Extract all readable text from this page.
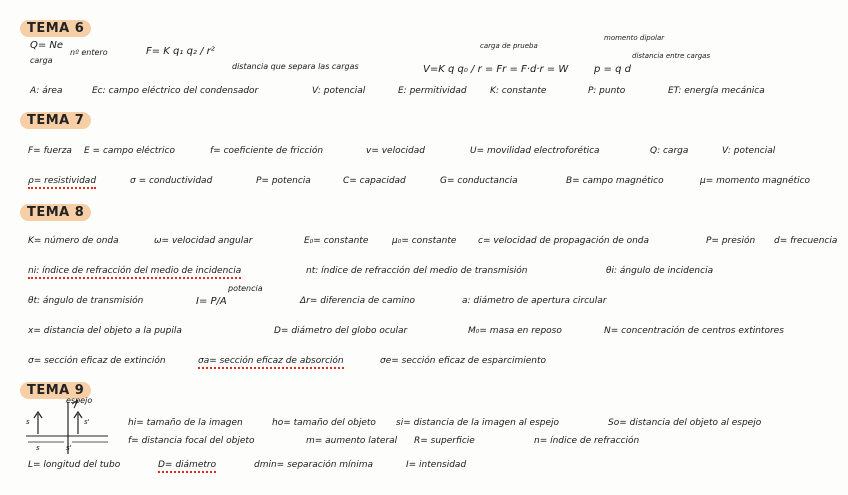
TEMA 6
Q= Ne
carga
nº entero	F= K q₁ q₂ / r²
distancia que separa las cargas	V=K q q₀ / r = Fr = F·d·r = W
carga de prueba
p = q d
momento dipolar
distancia entre cargas
A: área	Ec: campo eléctrico del condensador	V: potencial	E: permitividad	K: constante	P: punto	ET: energía mecánica
TEMA 7
F= fuerza E = campo eléctrico	f= coeficiente de fricción	v= velocidad	U= movilidad electroforética	Q: carga	V: potencial
ρ= resistividad	σ = conductividad	P= potencia	C= capacidad	G= conductancia	B= campo magnético	μ= momento magnético
TEMA 8
K= número de onda	ω= velocidad angular	E₀= constante	μ₀= constante c= velocidad de propagación de onda	P= presión d= frecuencia
ni: índice de refracción del medio de incidencia	nt: índice de refracción del medio de transmisión	θi: ángulo de incidencia
θt: ángulo de transmisión	I= P/A
potencia
Δr= diferencia de camino	a: diámetro de apertura circular
x= distancia del objeto a la pupila	D= diámetro del globo ocular	M₀= masa en reposo	N= concentración de centros extintores
σ= sección eficaz de extinción	σa= sección eficaz de absorción	σe= sección eficaz de esparcimiento
TEMA 9
espejo
s	s'
s	s'	hi= tamaño de la imagen	ho= tamaño del objeto si= distancia de la imagen al espejo	So= distancia del objeto al espejo
f= distancia focal del objeto	m= aumento lateral R= superficie	n= índice de refracción
L= longitud del tubo	D= diámetro	dmin= separación mínima	I= intensidad
